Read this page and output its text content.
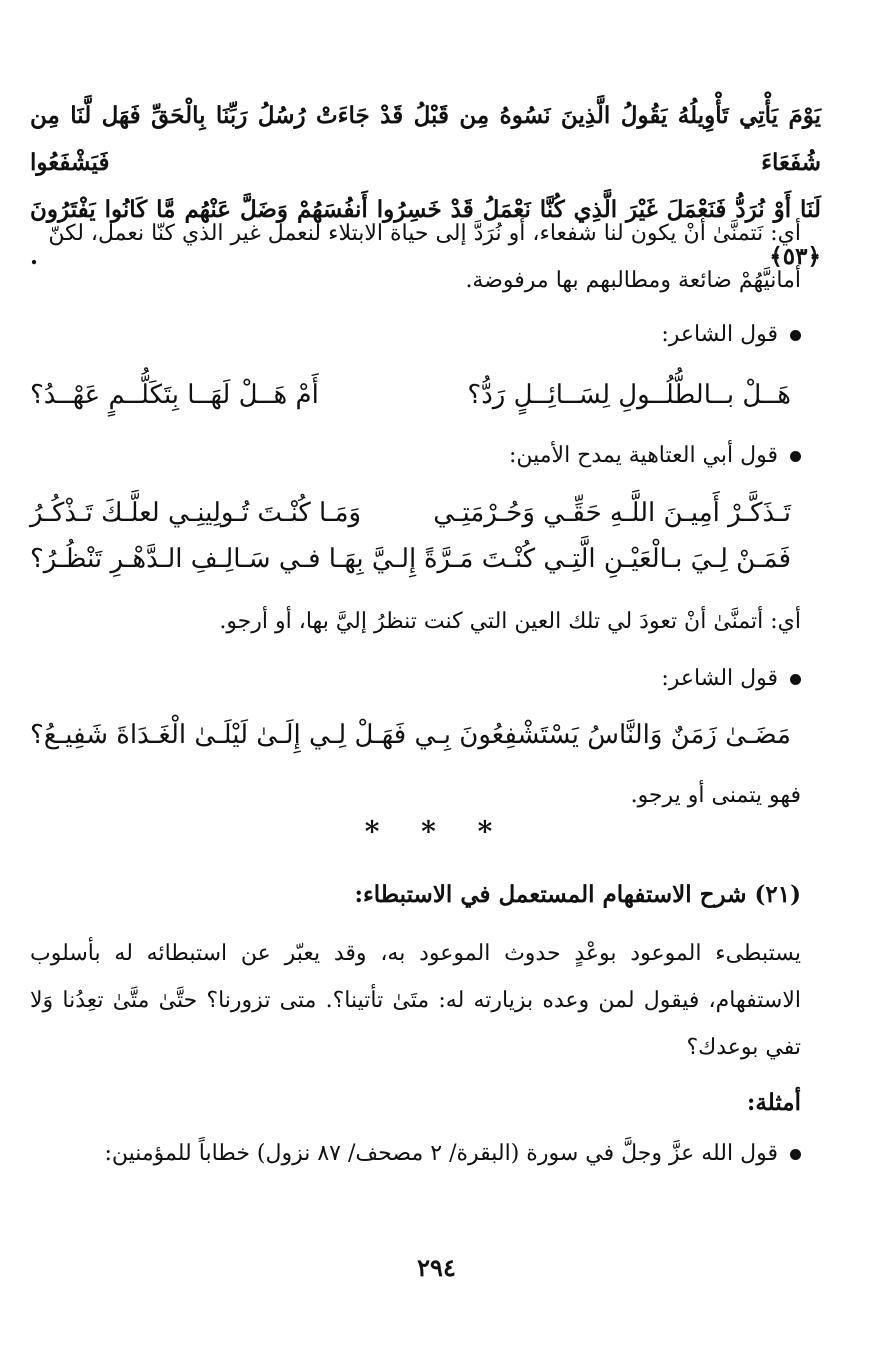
يَوْمَ يَأْتِي تَأْوِيلُهُ يَقُولُ الَّذِينَ نَسُوهُ مِن قَبْلُ قَدْ جَاءَتْ رُسُلُ رَبِّنَا بِالْحَقِّ فَهَل لَّنَا مِن شُفَعَاءَ فَيَشْفَعُوا
لَنَا أَوْ نُرَدُّ فَنَعْمَلَ غَيْرَ الَّذِي كُنَّا نَعْمَلُ قَدْ خَسِرُوا أَنفُسَهُمْ وَضَلَّ عَنْهُم مَّا كَانُوا يَفْتَرُونَ ﴿٥٣﴾ .
أي: نَتمنَّىٰ أنْ يكون لنا شفعاء، أو نُرَدَّ إلى حياة الابتلاء لنعمل غير الذي كنّا نعمل، لكنّ أمانيَّهُمْ ضائعة ومطالبهم بها مرفوضة.
قول الشاعر:
هَــلْ بــالطُّلُــولِ لِسَــائِــلٍ رَدُّ؟
أَمْ هَــلْ لَهَــا بِتَكَلُّــمٍ عَهْــدُ؟
قول أبي العتاهية يمدح الأمين:
تَـذَكَّـرْ أَمِيـنَ اللَّـهِ حَقِّـي وَحُـرْمَتِـي
وَمَـا كُنْـتَ تُـولِينِـي لعلَّـكَ تَـذْكُـرُ
فَمَـنْ لِـيَ بـالْعَيْـنِ الَّتِـي كُنْـتَ مَـرَّةً
إِلـيَّ بِهَـا فـي سَـالِـفِ الـدَّهْـرِ تَنْظُـرُ؟
أي: أتمنَّىٰ أنْ تعودَ لي تلك العين التي كنت تنظرُ إليَّ بها، أو أرجو.
قول الشاعر:
مَضَـىٰ زَمَنٌ وَالنَّاسُ يَسْتَشْفِعُونَ بِـي
فَهَـلْ لِـي إِلَـىٰ لَيْلَـىٰ الْغَـدَاةَ شَفِيـعُ؟
فهو يتمنى أو يرجو.
* * *
(٢١) شرح الاستفهام المستعمل في الاستبطاء:
يستبطىء الموعود بوعْدٍ حدوث الموعود به، وقد يعبّر عن استبطائه له بأسلوب الاستفهام، فيقول لمن وعده بزيارته له: متَىٰ تأتينا؟. متى تزورنا؟ حتَّىٰ متَّىٰ تعِدُنا وَلا تفي بوعدك؟
أمثلة:
قول الله عزَّ وجلَّ في سورة (البقرة/ ٢ مصحف/ ٨٧ نزول) خطاباً للمؤمنين:
٢٩٤
